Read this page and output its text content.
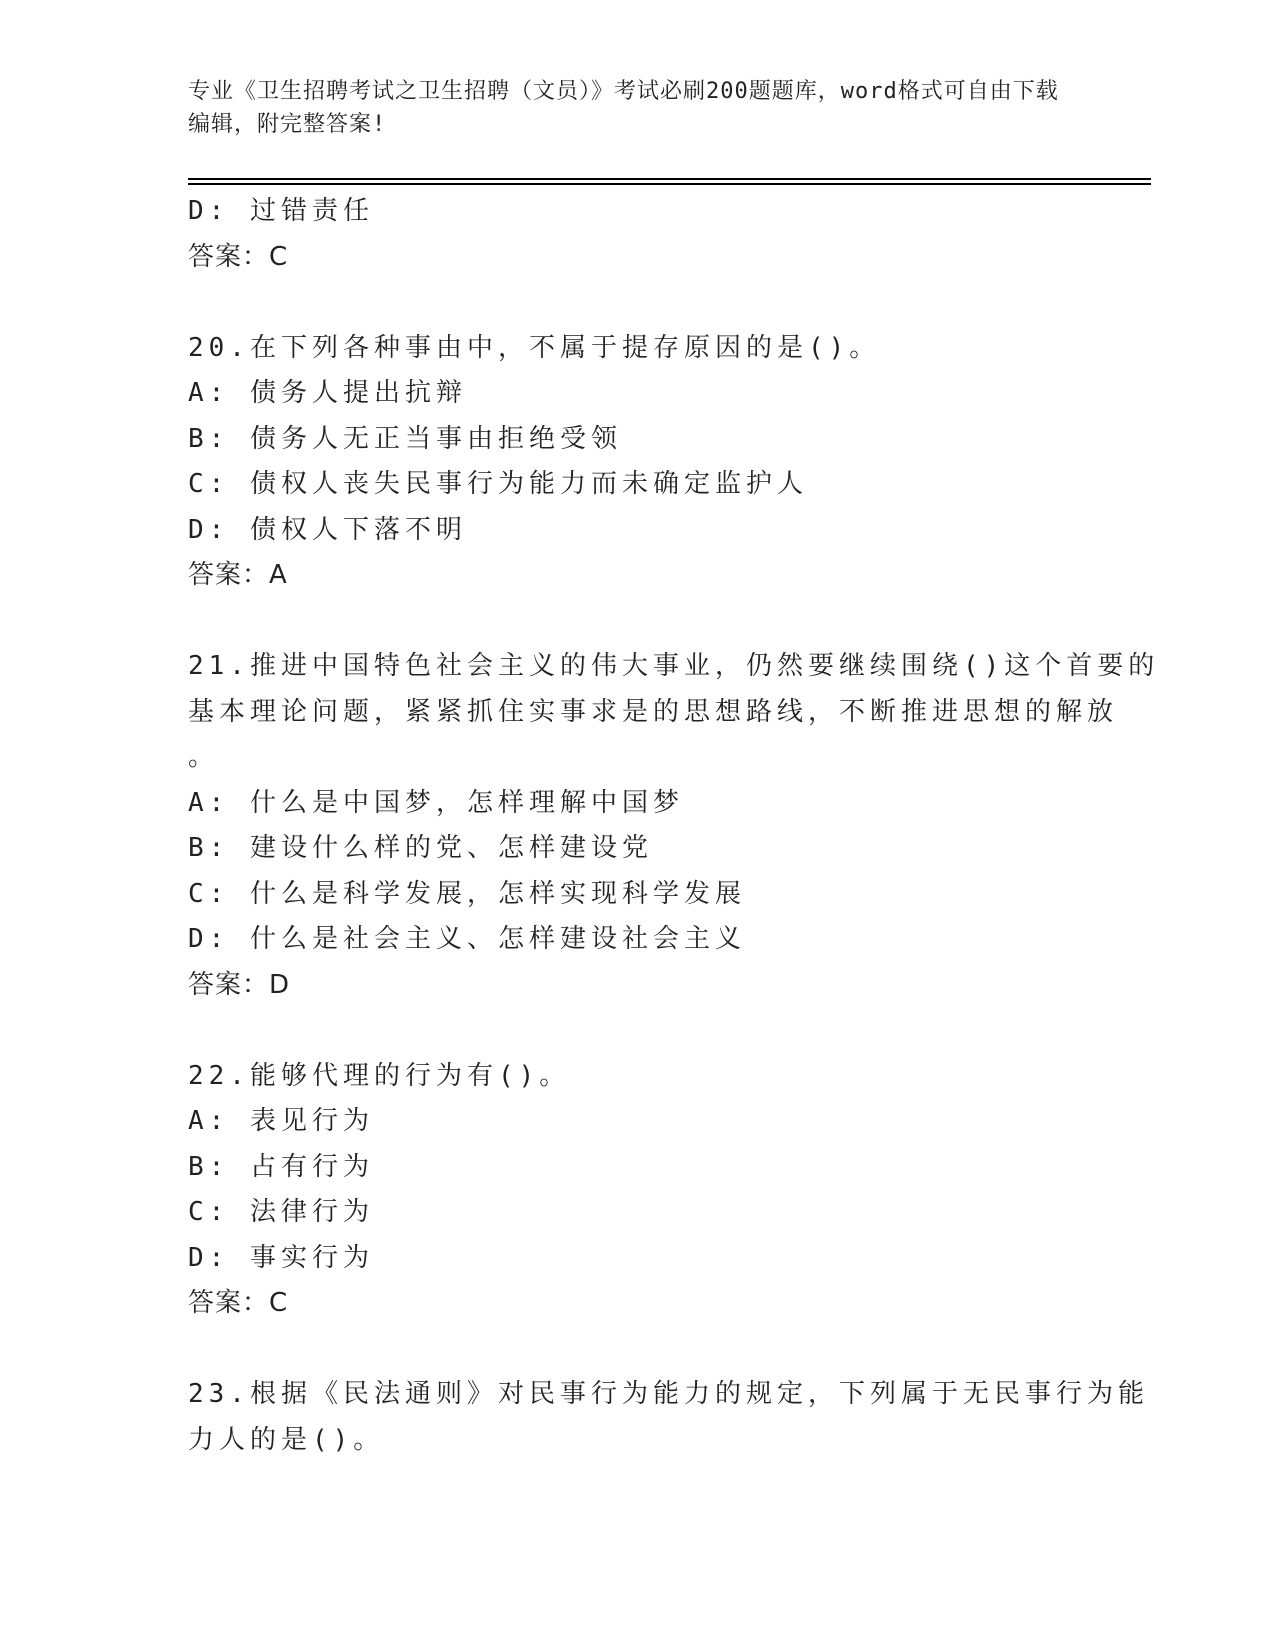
专业《卫生招聘考试之卫生招聘（文员）》考试必刷200题题库，word格式可自由下载编辑，附完整答案!
D: 过错责任
答案：C
20.在下列各种事由中，不属于提存原因的是()。
A: 债务人提出抗辩
B: 债务人无正当事由拒绝受领
C: 债权人丧失民事行为能力而未确定监护人
D: 债权人下落不明
答案：A
21.推进中国特色社会主义的伟大事业，仍然要继续围绕()这个首要的
基本理论问题，紧紧抓住实事求是的思想路线，不断推进思想的解放
。
A: 什么是中国梦，怎样理解中国梦
B: 建设什么样的党、怎样建设党
C: 什么是科学发展，怎样实现科学发展
D: 什么是社会主义、怎样建设社会主义
答案：D
22.能够代理的行为有()。
A: 表见行为
B: 占有行为
C: 法律行为
D: 事实行为
答案：C
23.根据《民法通则》对民事行为能力的规定，下列属于无民事行为能
力人的是()。
